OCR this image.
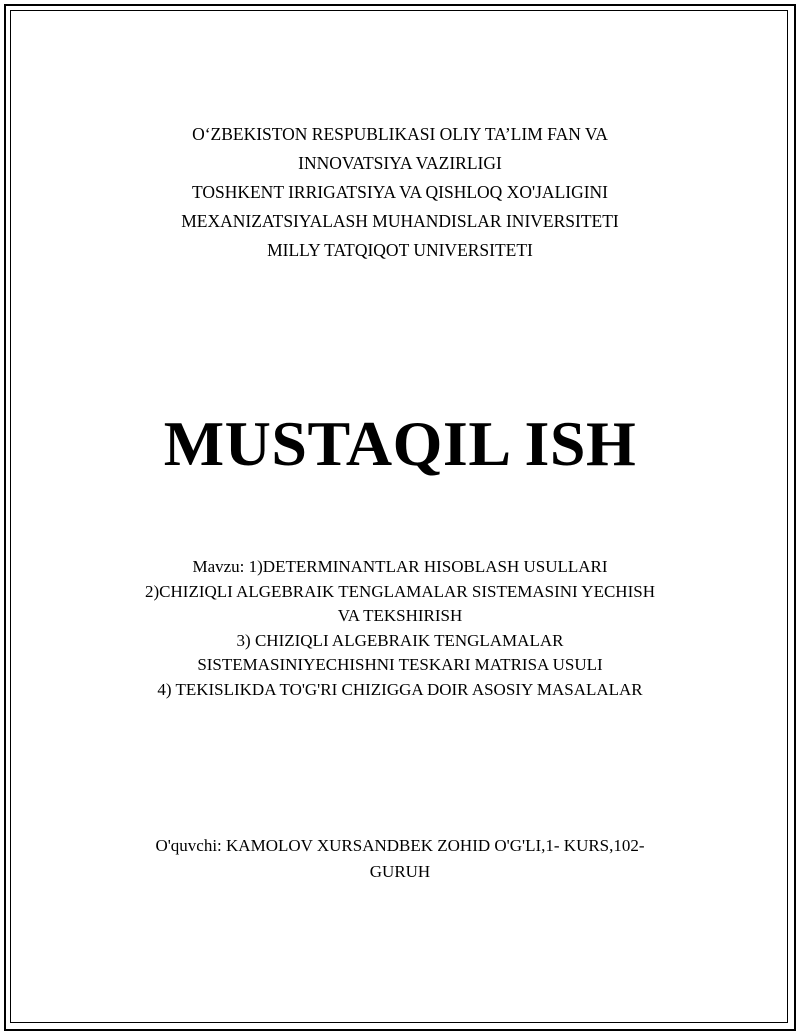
O‘ZBEKISTON RESPUBLIKASI OLIY TA’LIM FAN VA
INNOVATSIYA VAZIRLIGI
TOSHKENT IRRIGATSIYA VA QISHLOQ XO'JALIGINI
MEXANIZATSIYALASH MUHANDISLAR INIVERSITETI
MILLY TATQIQOT UNIVERSITETI
MUSTAQIL ISH
Mavzu: 1)DETERMINANTLAR HISOBLASH USULLARI
2)CHIZIQLI ALGEBRAIK TENGLAMALAR SISTEMASINI YECHISH
VA TEKSHIRISH
3) CHIZIQLI ALGEBRAIK TENGLAMALAR
SISTEMASINIYECHISHNI TESKARI MATRISA USULI
4) TEKISLIKDA TO'G'RI CHIZIGGA DOIR ASOSIY MASALALAR
O'quvchi: KAMOLOV XURSANDBEK ZOHID O'G'LI,1- KURS,102-
GURUH
